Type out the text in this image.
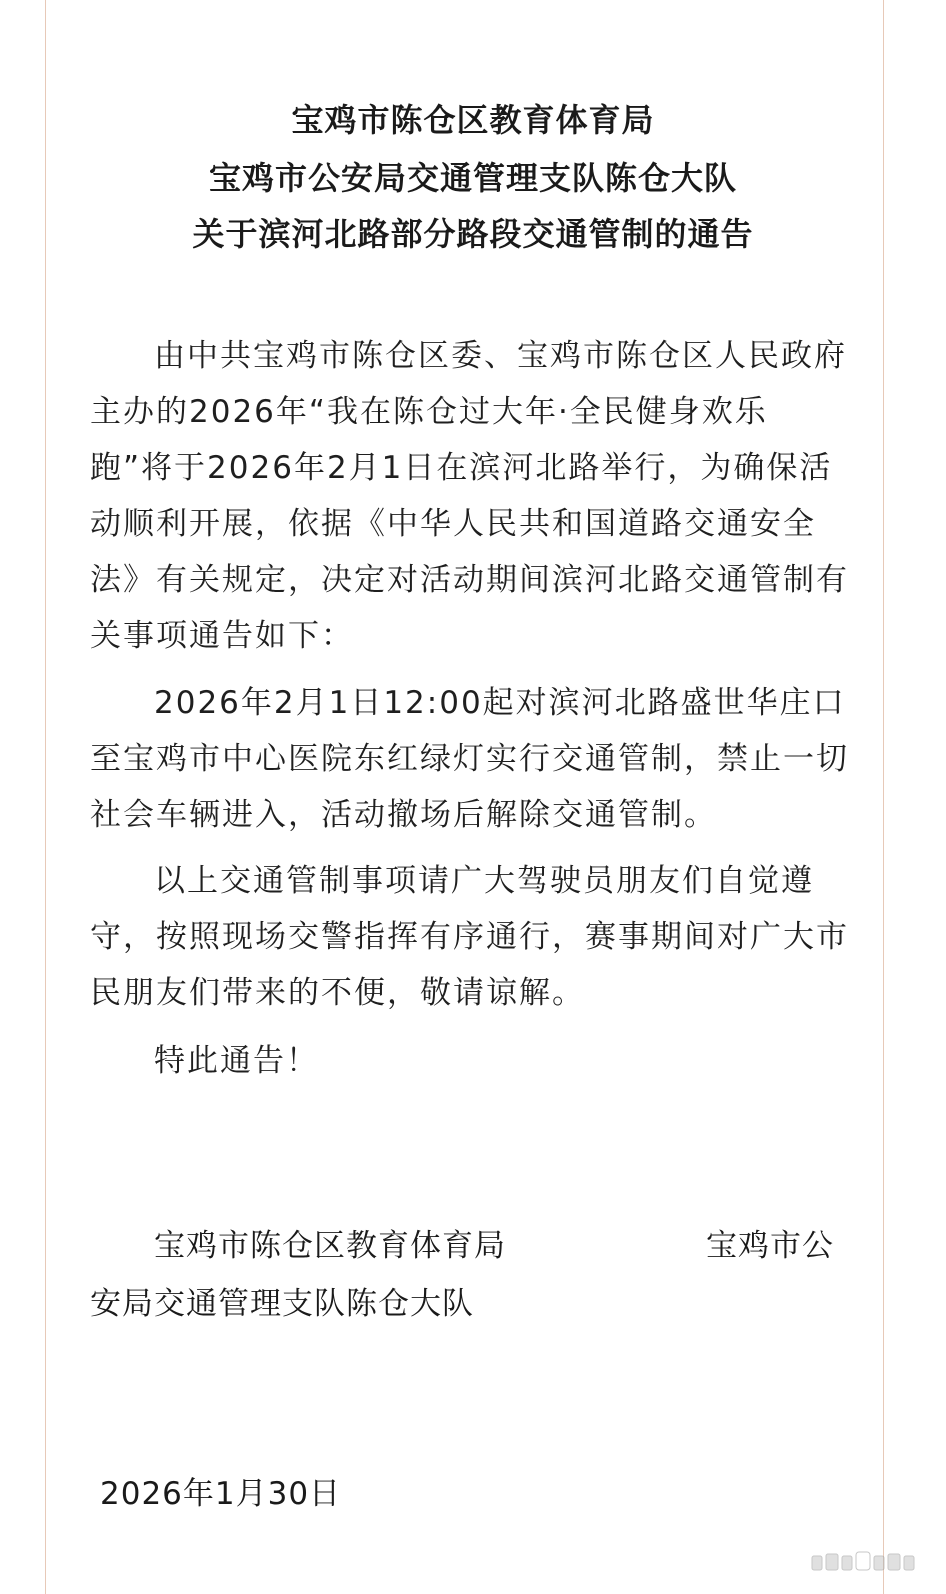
宝鸡市陈仓区教育体育局
宝鸡市公安局交通管理支队陈仓大队
关于滨河北路部分路段交通管制的通告
由中共宝鸡市陈仓区委、宝鸡市陈仓区人民政府主办的2026年“我在陈仓过大年·全民健身欢乐跑”将于2026年2月1日在滨河北路举行，为确保活动顺利开展，依据《中华人民共和国道路交通安全法》有关规定，决定对活动期间滨河北路交通管制有关事项通告如下：
2026年2月1日12:00起对滨河北路盛世华庄口至宝鸡市中心医院东红绿灯实行交通管制，禁止一切社会车辆进入，活动撤场后解除交通管制。
以上交通管制事项请广大驾驶员朋友们自觉遵守，按照现场交警指挥有序通行，赛事期间对广大市民朋友们带来的不便，敬请谅解。
特此通告！
宝鸡市陈仓区教育体育局	宝鸡市公
安局交通管理支队陈仓大队
2026年1月30日
